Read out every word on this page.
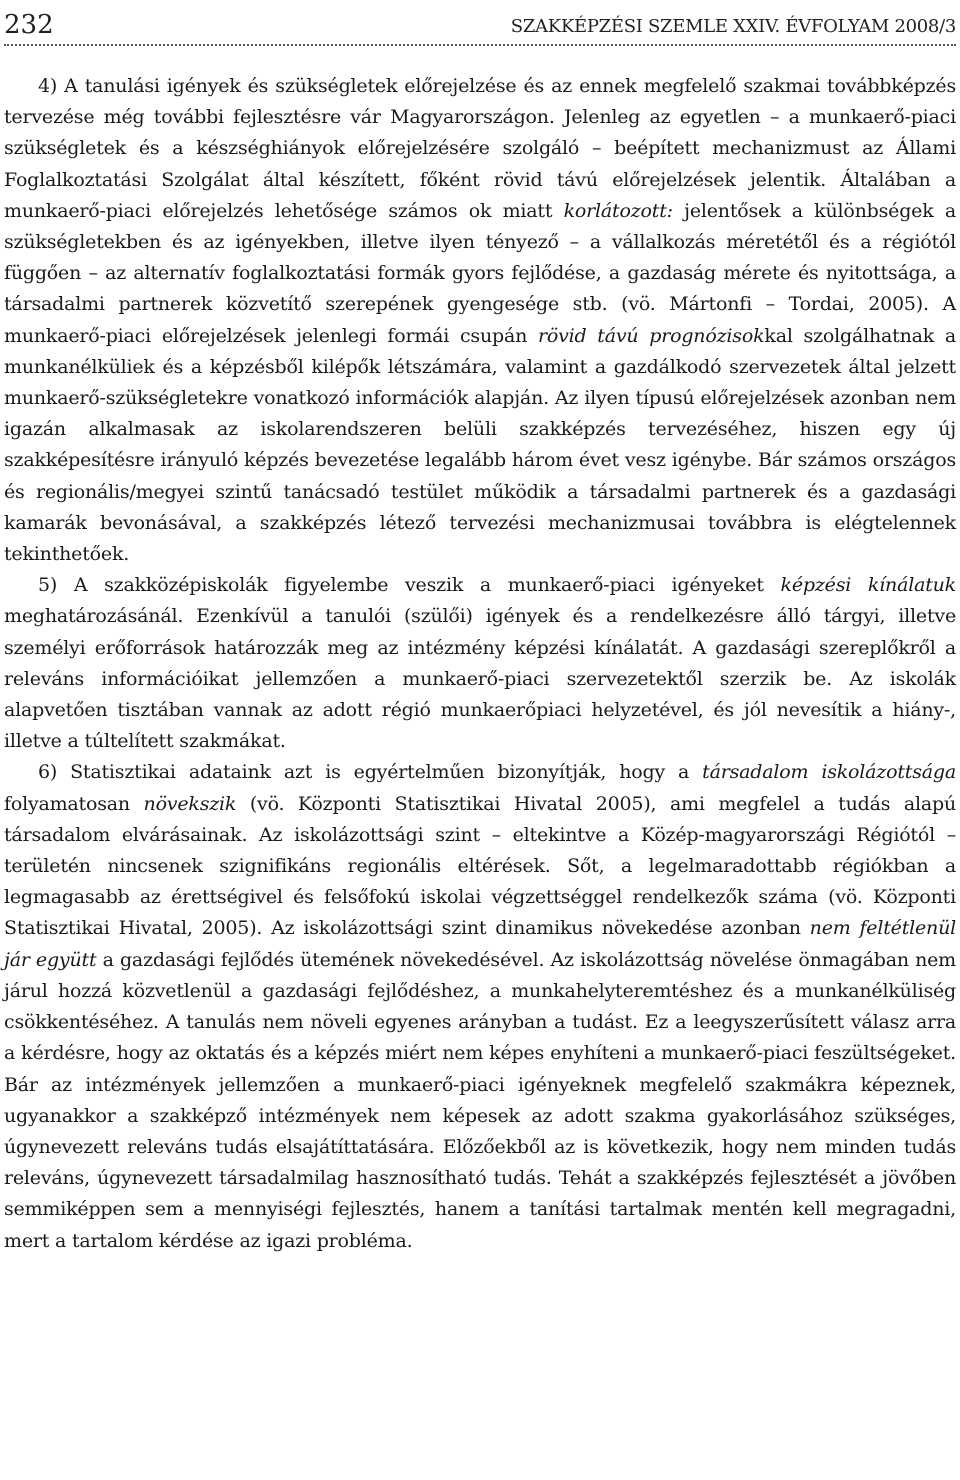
232	SZAKKÉPZÉSI SZEMLE XXIV. ÉVFOLYAM 2008/3

4) A tanulási igények és szükségletek előrejelzése és az ennek megfelelő szakmai továbbképzés tervezése még további fejlesztésre vár Magyarországon. Jelenleg az egyetlen – a munkaerő-piaci szükségletek és a készséghiányok előrejelzésére szolgáló – beépített mechanizmust az Állami Foglalkoztatási Szolgálat által készített, főként rövid távú előrejelzések jelentik. Általában a munkaerő-piaci előrejelzés lehetősége számos ok miatt korlátozott: jelentősek a különbségek a szükségletekben és az igényekben, illetve ilyen tényező – a vállalkozás méretétől és a régiótól függően – az alternatív foglalkoztatási formák gyors fejlődése, a gazdaság mérete és nyitottsága, a társadalmi partnerek közvetítő szerepének gyengesége stb. (vö. Mártonfi – Tordai, 2005). A munkaerő-piaci előrejelzések jelenlegi formái csupán rövid távú prognózisokkal szolgálhatnak a munkanélküliek és a képzésből kilépők létszámára, valamint a gazdálkodó szervezetek által jelzett munkaerő-szükségletekre vonatkozó információk alapján. Az ilyen típusú előrejelzések azonban nem igazán alkalmasak az iskolarendszeren belüli szakképzés tervezéséhez, hiszen egy új szakképesítésre irányuló képzés bevezetése legalább három évet vesz igénybe. Bár számos országos és regionális/megyei szintű tanácsadó testület működik a társadalmi partnerek és a gazdasági kamarák bevonásával, a szakképzés létező tervezési mechanizmusai továbbra is elégtelennek tekinthetőek.

5) A szakközépiskolák figyelembe veszik a munkaerő-piaci igényeket képzési kínálatuk meghatározásánál. Ezenkívül a tanulói (szülői) igények és a rendelkezésre álló tárgyi, illetve személyi erőforrások határozzák meg az intézmény képzési kínálatát. A gazdasági szereplőkről a releváns információikat jellemzően a munkaerő-piaci szervezetektől szerzik be. Az iskolák alapvetően tisztában vannak az adott régió munkaerőpiaci helyzetével, és jól nevesítik a hiány-, illetve a túltelített szakmákat.

6) Statisztikai adataink azt is egyértelműen bizonyítják, hogy a társadalom iskolázottsága folyamatosan növekszik (vö. Központi Statisztikai Hivatal 2005), ami megfelel a tudás alapú társadalom elvárásainak. Az iskolázottsági szint – eltekintve a Közép-magyarországi Régiótól – területén nincsenek szignifikáns regionális eltérések. Sőt, a legelmaradottabb régiókban a legmagasabb az érettségivel és felsőfokú iskolai végzettséggel rendelkezők száma (vö. Központi Statisztikai Hivatal, 2005). Az iskolázottsági szint dinamikus növekedése azonban nem feltétlenül jár együtt a gazdasági fejlődés ütemének növekedésével. Az iskolázottság növelése önmagában nem járul hozzá közvetlenül a gazdasági fejlődéshez, a munkahelyteremtéshez és a munkanélküliség csökkentéséhez. A tanulás nem növeli egyenes arányban a tudást. Ez a leegyszerűsített válasz arra a kérdésre, hogy az oktatás és a képzés miért nem képes enyhíteni a munkaerő-piaci feszültségeket. Bár az intézmények jellemzően a munkaerő-piaci igényeknek megfelelő szakmákra képeznek, ugyanakkor a szakképző intézmények nem képesek az adott szakma gyakorlásához szükséges, úgynevezett releváns tudás elsajátíttatására. Előzőekből az is következik, hogy nem minden tudás releváns, úgynevezett társadalmilag hasznosítható tudás. Tehát a szakképzés fejlesztését a jövőben semmiképpen sem a mennyiségi fejlesztés, hanem a tanítási tartalmak mentén kell megragadni, mert a tartalom kérdése az igazi probléma.
